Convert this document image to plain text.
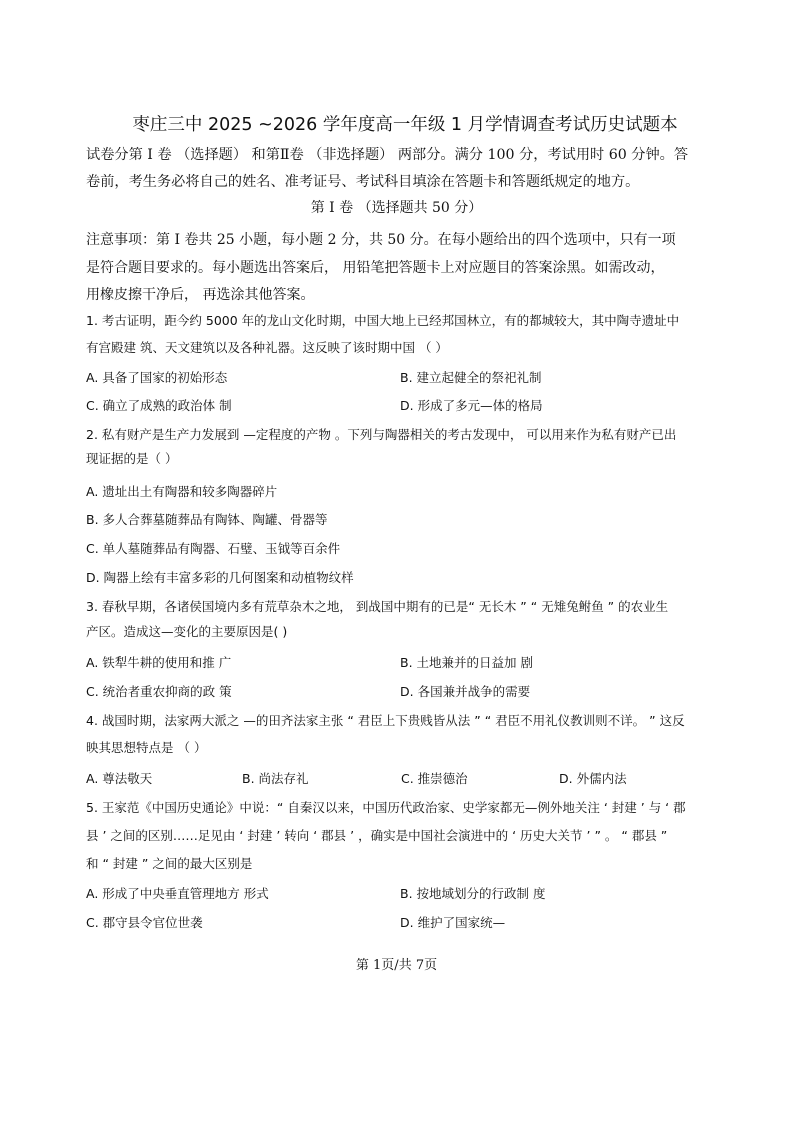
枣庄三中 2025 ~2026 学年度高一年级 1 月学情调查考试历史试题本
试卷分第 I 卷 （选择题） 和第Ⅱ卷 （非选择题） 两部分。满分 100 分，考试用时 60 分钟。答
卷前，考生务必将自己的姓名、准考证号、考试科目填涂在答题卡和答题纸规定的地方。
第 I 卷 （选择题共 50 分）
注意事项：第 I 卷共 25 小题，每小题 2 分，共 50 分。在每小题给出的四个选项中，只有一项
是符合题目要求的。每小题选出答案后， 用铅笔把答题卡上对应题目的答案涂黑。如需改动，
用橡皮擦干净后， 再选涂其他答案。
1. 考古证明，距今约 5000 年的龙山文化时期，中国大地上已经邦国林立，有的都城较大，其中陶寺遗址中
有宫殿建 筑、天文建筑以及各种礼器。这反映了该时期中国 （ ）
A. 具备了国家的初始形态	B. 建立起健全的祭祀礼制
C. 确立了成熟的政治体 制	D. 形成了多元—体的格局
2. 私有财产是生产力发展到 —定程度的产物 。下列与陶器相关的考古发现中， 可以用来作为私有财产已出
现证据的是（ ）
A. 遗址出土有陶器和较多陶器碎片
B. 多人合葬墓随葬品有陶钵、陶罐、骨器等
C. 单人墓随葬品有陶器、石璧、玉钺等百余件
D. 陶器上绘有丰富多彩的几何图案和动植物纹样
3. 春秋早期，各诸侯国境内多有荒草杂木之地， 到战国中期有的已是“ 无长木 ” “ 无雉兔鲋鱼 ” 的农业生
产区。造成这—变化的主要原因是( )
A. 铁犁牛耕的使用和推 广	B. 土地兼并的日益加 剧
C. 统治者重农抑商的政 策	D. 各国兼并战争的需要
4. 战国时期，法家两大派之 —的田齐法家主张 “ 君臣上下贵贱皆从法 ” “ 君臣不用礼仪教训则不详。 ” 这反
映其思想特点是 （ ）
A. 尊法敬天	B. 尚法存礼	C. 推崇德治	D. 外儒内法
5. 王家范《中国历史通论》中说：“ 自秦汉以来，中国历代政治家、史学家都无—例外地关注 ‘ 封建 ’ 与 ‘ 郡
县 ’ 之间的区别……足见由 ‘ 封建 ’ 转向 ‘ 郡县 ’ ，确实是中国社会演进中的 ‘ 历史大关节 ’ ” 。 “ 郡县 ”
和 “ 封建 ” 之间的最大区别是
A. 形成了中央垂直管理地方 形式	B. 按地域划分的行政制 度
C. 郡守县令官位世袭	D. 维护了国家统—
第 1页/共 7页
